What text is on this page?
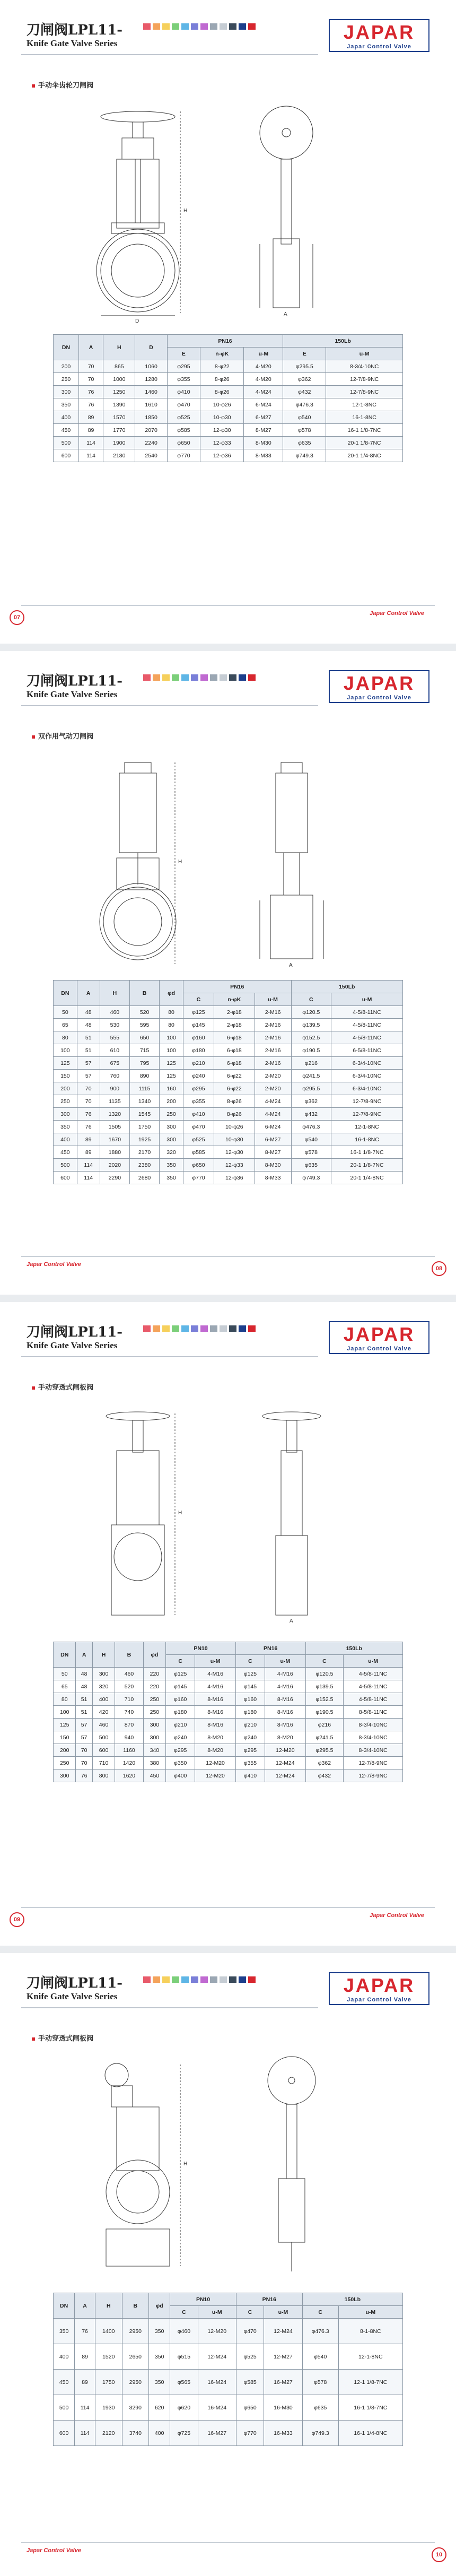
刀闸阀LPL11-
Knife Gate Valve Series
JAPAR
Japar Control Valve
手动伞齿轮刀闸阀
H
D
A
DN	A	H	D	PN16			150Lb	
				E	n-φK	u-M	E	u-M
200	70	865	1060	φ295	8-φ22	4-M20	φ295.5	8-3/4-10NC
250	70	1000	1280	φ355	8-φ26	4-M20	φ362	12-7/8-9NC
300	76	1250	1460	φ410	8-φ26	4-M24	φ432	12-7/8-9NC
350	76	1390	1610	φ470	10-φ26	6-M24	φ476.3	12-1-8NC
400	89	1570	1850	φ525	10-φ30	6-M27	φ540	16-1-8NC
450	89	1770	2070	φ585	12-φ30	8-M27	φ578	16-1 1/8-7NC
500	114	1900	2240	φ650	12-φ33	8-M30	φ635	20-1 1/8-7NC
600	114	2180	2540	φ770	12-φ36	8-M33	φ749.3	20-1 1/4-8NC
07
Japar Control Valve
刀闸阀LPL11-
Knife Gate Valve Series
JAPAR
Japar Control Valve
双作用气动刀闸阀
H
A
DN	A	H	B	φd	PN16			150Lb	
					C	n-φK	u-M	C	u-M
50	48	460	520	80	φ125	2-φ18	2-M16	φ120.5	4-5/8-11NC
65	48	530	595	80	φ145	2-φ18	2-M16	φ139.5	4-5/8-11NC
80	51	555	650	100	φ160	6-φ18	2-M16	φ152.5	4-5/8-11NC
100	51	610	715	100	φ180	6-φ18	2-M16	φ190.5	6-5/8-11NC
125	57	675	795	125	φ210	6-φ18	2-M16	φ216	6-3/4-10NC
150	57	760	890	125	φ240	6-φ22	2-M20	φ241.5	6-3/4-10NC
200	70	900	1115	160	φ295	6-φ22	2-M20	φ295.5	6-3/4-10NC
250	70	1135	1340	200	φ355	8-φ26	4-M24	φ362	12-7/8-9NC
300	76	1320	1545	250	φ410	8-φ26	4-M24	φ432	12-7/8-9NC
350	76	1505	1750	300	φ470	10-φ26	6-M24	φ476.3	12-1-8NC
400	89	1670	1925	300	φ525	10-φ30	6-M27	φ540	16-1-8NC
450	89	1880	2170	320	φ585	12-φ30	8-M27	φ578	16-1 1/8-7NC
500	114	2020	2380	350	φ650	12-φ33	8-M30	φ635	20-1 1/8-7NC
600	114	2290	2680	350	φ770	12-φ36	8-M33	φ749.3	20-1 1/4-8NC
Japar Control Valve
08
刀闸阀LPL11-
Knife Gate Valve Series
JAPAR
Japar Control Valve
手动穿透式闸板阀
H
A
DN	A	H	B	φd	PN10		PN16		150Lb	
					C	u-M	C	u-M	C	u-M
50	48	300	460	220	φ125	4-M16	φ125	4-M16	φ120.5	4-5/8-11NC
65	48	320	520	220	φ145	4-M16	φ145	4-M16	φ139.5	4-5/8-11NC
80	51	400	710	250	φ160	8-M16	φ160	8-M16	φ152.5	4-5/8-11NC
100	51	420	740	250	φ180	8-M16	φ180	8-M16	φ190.5	8-5/8-11NC
125	57	460	870	300	φ210	8-M16	φ210	8-M16	φ216	8-3/4-10NC
150	57	500	940	300	φ240	8-M20	φ240	8-M20	φ241.5	8-3/4-10NC
200	70	600	1160	340	φ295	8-M20	φ295	12-M20	φ295.5	8-3/4-10NC
250	70	710	1420	380	φ350	12-M20	φ355	12-M24	φ362	12-7/8-9NC
300	76	800	1620	450	φ400	12-M20	φ410	12-M24	φ432	12-7/8-9NC
09
Japar Control Valve
刀闸阀LPL11-
Knife Gate Valve Series
JAPAR
Japar Control Valve
手动穿透式闸板阀
H
DN	A	H	B	φd	PN10		PN16		150Lb	
					C	u-M	C	u-M	C	u-M
350	76	1400	2950	350	φ460	12-M20	φ470	12-M24	φ476.3	8-1-8NC
400	89	1520	2650	350	φ515	12-M24	φ525	12-M27	φ540	12-1-8NC
450	89	1750	2950	350	φ565	16-M24	φ585	16-M27	φ578	12-1 1/8-7NC
500	114	1930	3290	620	φ620	16-M24	φ650	16-M30	φ635	16-1 1/8-7NC
600	114	2120	3740	400	φ725	16-M27	φ770	16-M33	φ749.3	16-1 1/4-8NC
Japar Control Valve
10
